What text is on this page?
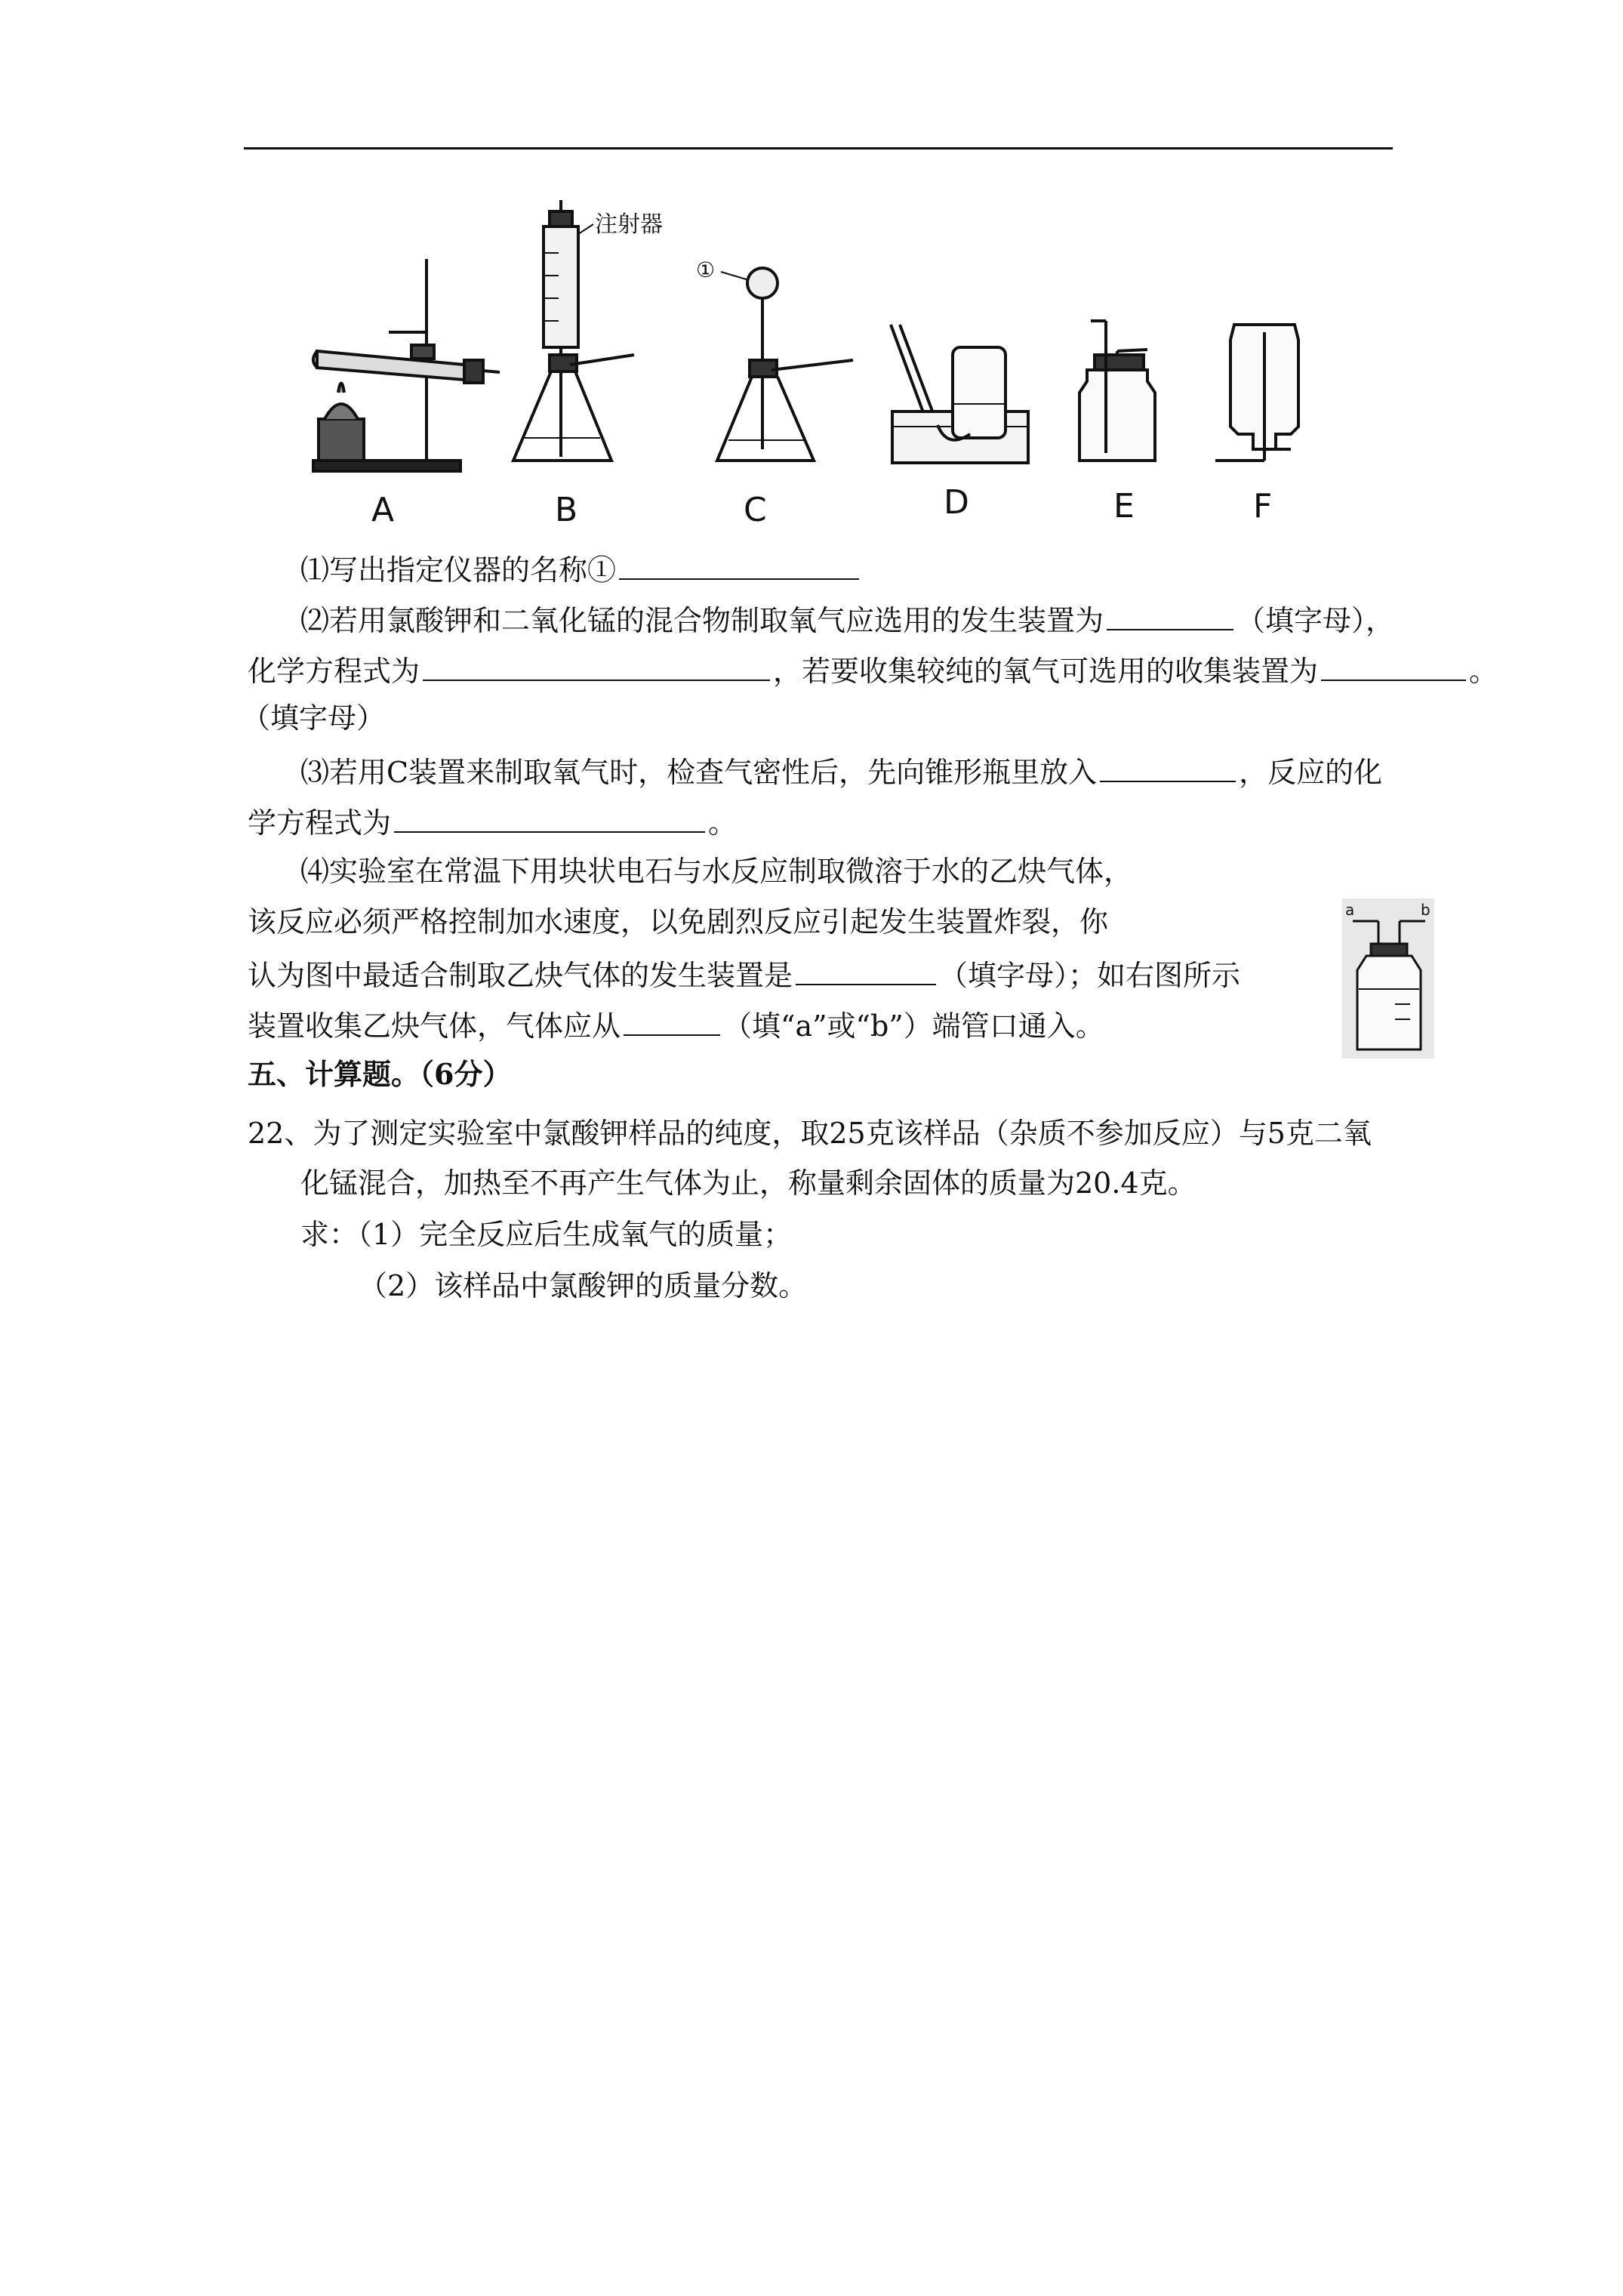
注射器
①
A	B	C	D	E	F
⑴写出指定仪器的名称①
⑵若用氯酸钾和二氧化锰的混合物制取氧气应选用的发生装置为	（填字母），
化学方程式为	，若要收集较纯的氧气可选用的收集装置为	。
（填字母）
⑶若用C装置来制取氧气时，检查气密性后，先向锥形瓶里放入	，反应的化
学方程式为	。
⑷实验室在常温下用块状电石与水反应制取微溶于水的乙炔气体，
该反应必须严格控制加水速度，以免剧烈反应引起发生装置炸裂，你
认为图中最适合制取乙炔气体的发生装置是	（填字母）；如右图所示
装置收集乙炔气体，气体应从	（填“a”或“b”）端管口通入。
a	b
五、计算题。（6分）
22、为了测定实验室中氯酸钾样品的纯度，取25克该样品（杂质不参加反应）与5克二氧
化锰混合，加热至不再产生气体为止，称量剩余固体的质量为20.4克。
求：（1）完全反应后生成氧气的质量；
（2）该样品中氯酸钾的质量分数。
